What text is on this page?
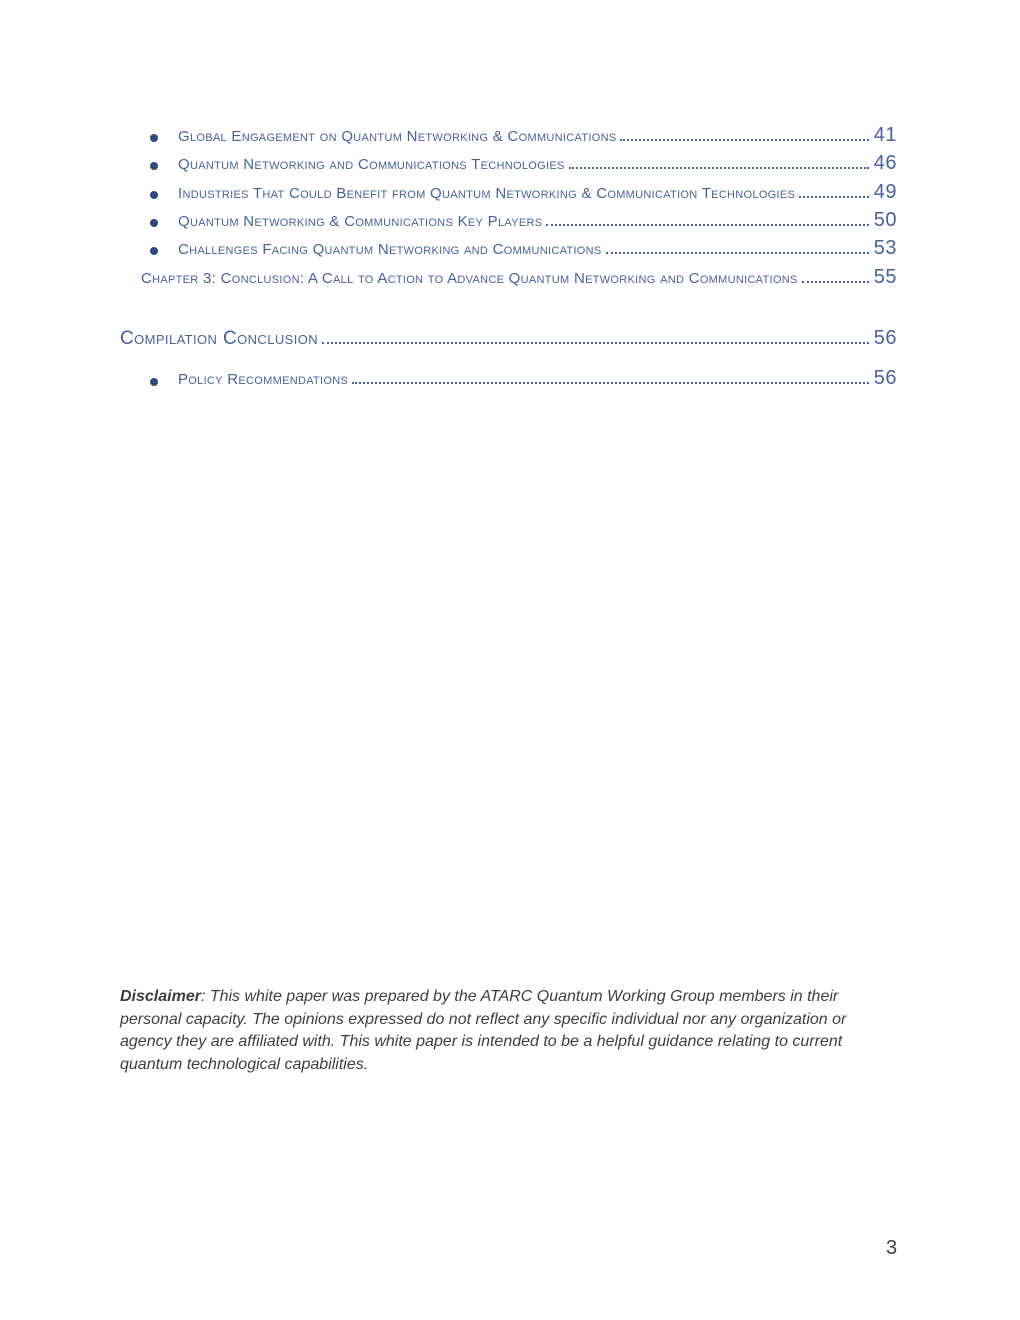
Global Engagement on Quantum Networking & Communications	41
Quantum Networking and Communications Technologies	46
Industries That Could Benefit from Quantum Networking & Communication Technologies	49
Quantum Networking & Communications Key Players	50
Challenges Facing Quantum Networking and Communications	53
Chapter 3: Conclusion: A Call to Action to Advance Quantum Networking and Communications	55
Compilation Conclusion	56
Policy Recommendations	56
Disclaimer: This white paper was prepared by the ATARC Quantum Working Group members in their
personal capacity. The opinions expressed do not reflect any specific individual nor any organization or
agency they are affiliated with. This white paper is intended to be a helpful guidance relating to current
quantum technological capabilities.
3
